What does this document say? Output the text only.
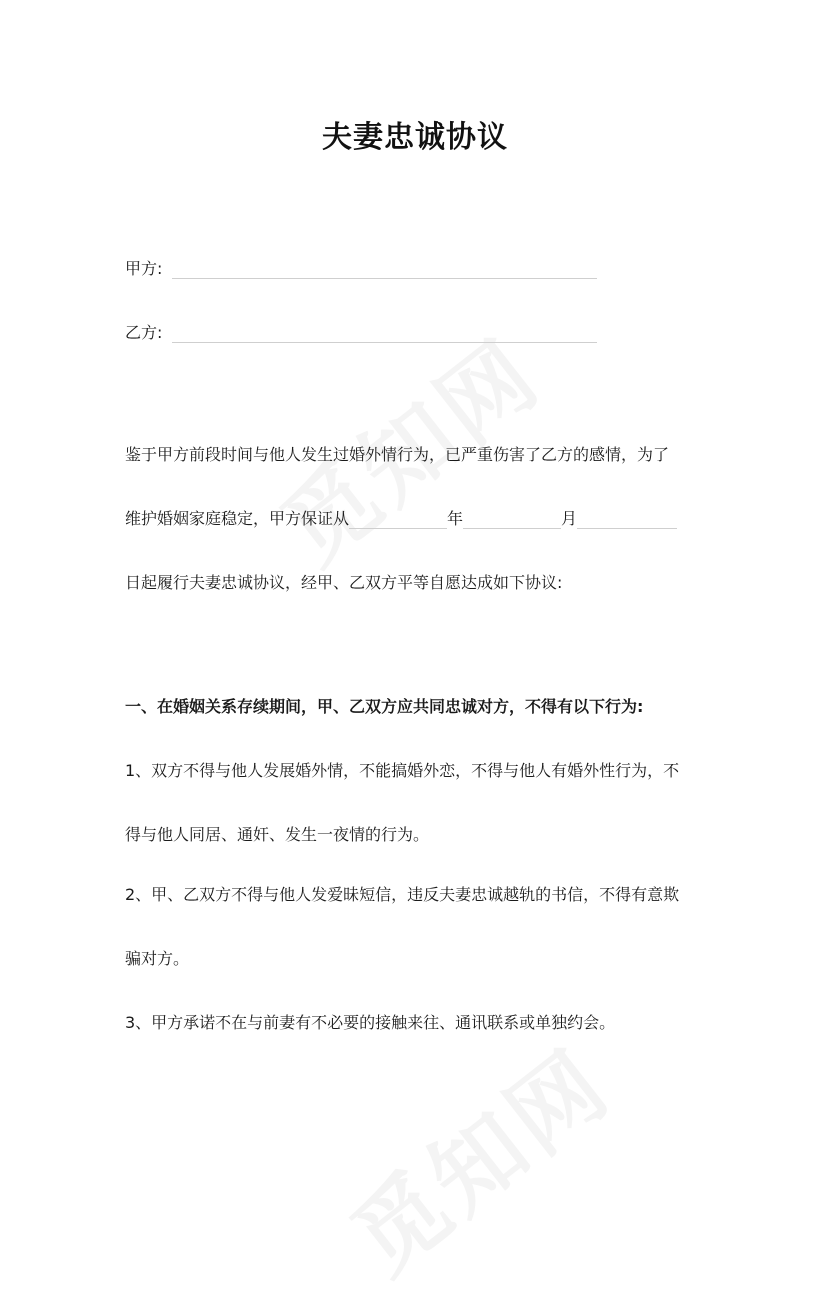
夫妻忠诚协议
甲方:
乙方:
鉴于甲方前段时间与他人发生过婚外情行为，已严重伤害了乙方的感情，为了
维护婚姻家庭稳定，甲方保证从	年	月
日起履行夫妻忠诚协议，经甲、乙双方平等自愿达成如下协议:
一、在婚姻关系存续期间，甲、乙双方应共同忠诚对方，不得有以下行为:
1、双方不得与他人发展婚外情，不能搞婚外恋，不得与他人有婚外性行为，不
得与他人同居、通奸、发生一夜情的行为。
2、甲、乙双方不得与他人发爱昧短信，违反夫妻忠诚越轨的书信，不得有意欺
骗对方。
3、甲方承诺不在与前妻有不必要的接触来往、通讯联系或单独约会。
